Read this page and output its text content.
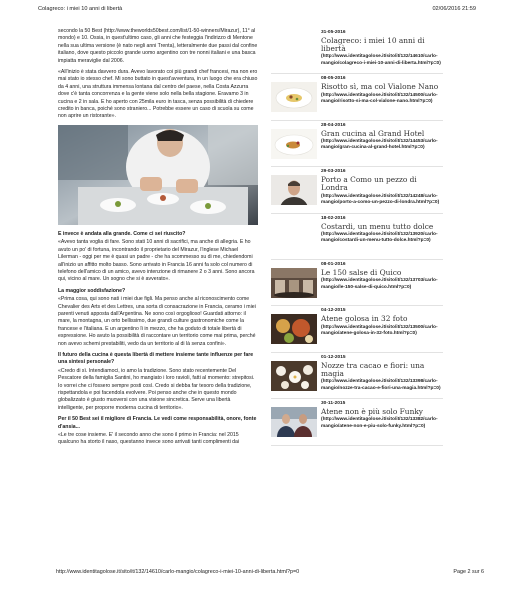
Colagreco: i miei 10 anni di libertà	02/06/2016 21:59

secondo la 50 Best (http://www.theworlds50best.com/list/1-50-winners/Mirazur), 11° al mondo) e 10. Ossia, in quest'ultimo caso, gli anni che festeggia l'indirizzo di Mentone nella sua ultima versione (è nato negli anni Trenta), letteralmente due passi dal confine italiano, dove questo piccolo grande uomo argentino con tre nonni italiani e una basca impiatta meraviglie dal 2006.

«All'inizio è stata davvero dura. Avevo lavorato coi più grandi chef francesi, ma non ero mai stato io stesso chef. Mi sono buttato in quest'avventura, in un luogo che era chiuso da 4 anni, una struttura immensa lontana dal centro del paese, nella Costa Azzurra dove c'è tanta concorrenza e la gente viene solo nella bella stagione. Eravamo 3 in cucina e 2 in sala. E ho aperto con 25mila euro in tasca, senza possibilità di chiedere credito in banca, poiché sono straniero... Potrebbe essere un caso di scuola su come non aprire un ristorante».

E invece è andata alla grande. Come ci sei riuscito?

«Avevo tanta voglia di fare. Sono stati 10 anni di sacrifici, ma anche di allegria. E ho avuto un po' di fortuna, incontrando il proprietario del Mirazur, l'inglese Michael Lilerman - oggi per me è quasi un padre - che ha scommesso su di me, chiedendomi all'inizio un affitto molto basso. Sono arrivato in Francia 16 anni fa solo col numero di telefono dell'amico di un amico, avevo intenzione di rimanere 2 o 3 anni. Sono ancora qui, vicino al mare. Un sogno che si è avverato».

La maggior soddisfazione?

«Prima cosa, qui sono nati i miei due figli. Ma penso anche al riconoscimento come Chevalier des Arts et des Lettres, una sorta di consacrazione in Francia, ceramo i miei parenti venuti apposta dall'Argentina. Ne sono così orgoglioso! Guardati attorno: il mare, la montagna, un orto bellissimo, due grandi culture gastronomiche come la francese e l'italiana. E un argentino lì in mezzo, che ha goduto di totale libertà di espressione. Ho avuto la possibilità di raccontare un territorio come mai prima, perché non avevo schemi prestabiliti, vedo da un territorio al di là senza confini».

Il futuro della cucina è questa libertà di mettere insieme tante influenze per fare una sintesi personale?

«Credo di sì. Intendiamoci, io amo la tradizione. Sono stato recentemente Del Pescatore della famiglia Santini, ho mangiato i loro ravioli, fatti al momento: strepitosi. Io vorrei che ci fossero sempre posti così. Credo si debba far tesoro della tradizione, rispettandola e poi facendola evolvere. Poi penso anche che in questo mondo globalizzato è giusto muoversi con una visione sincretica. Serve una libertà intelligente, per proporre moderna cucina di territorio».

Per il 50 Best sei il migliore di Francia. Le vedi come responsabilità, onore, fonte d'ansia...

«Le tre cose insieme. E' il secondo anno che sono il primo in Francia: nel 2015 qualcuno ha storto il naso, questanno invece sono arrivati tanti complimenti dai

31-05-2016
Colagreco: i miei 10 anni di libertà
(http://www.identitagolose.it/sito/it/132/14610/carlo-mangio/colagreco-i-miei-10-anni-di-liberta.html?p=0)
08-05-2016
Risotto sì, ma col Vialone Nano
(http://www.identitagolose.it/sito/it/132/14500/carlo-mangio/risotto-si-ma-col-vialone-nano.html?p=0)
28-04-2016
Gran cucina al Grand Hotel
(http://www.identitagolose.it/sito/it/132/14453/carlo-mangio/gran-cucina-al-grand-hotel.html?p=0)
29-03-2016
Porto a Como un pezzo di Londra
(http://www.identitagolose.it/sito/it/132/14248/carlo-mangio/porto-a-como-un-pezzo-di-londra.html?p=0)
18-02-2016
Costardi, un menu tutto dolce
(http://www.identitagolose.it/sito/it/132/13920/carlo-mangio/costardi-un-menu-tutto-dolce.html?p=0)
08-01-2016
Le 150 salse di Quico
(http://www.identitagolose.it/sito/it/132/13703/carlo-mangio/le-150-salse-di-quico.html?p=0)
04-12-2015
Atene golosa in 32 foto
(http://www.identitagolose.it/sito/it/132/13500/carlo-mangio/atene-golosa-in-32-foto.html?p=0)
01-12-2015
Nozze tra cacao e fiori: una magia
(http://www.identitagolose.it/sito/it/132/13398/carlo-mangio/nozze-tra-cacao-e-fiori-una-magia.html?p=0)
30-11-2015
Atene non è più solo Funky
(http://www.identitagolose.it/sito/it/132/13382/carlo-mangio/atene-non-e-piu-solo-funky.html?p=0)
http://www.identitagolose.it/sito/it/132/14610/carlo-mangio/colagreco-i-miei-10-anni-di-liberta.html?p=0	Page 2 sur 6
